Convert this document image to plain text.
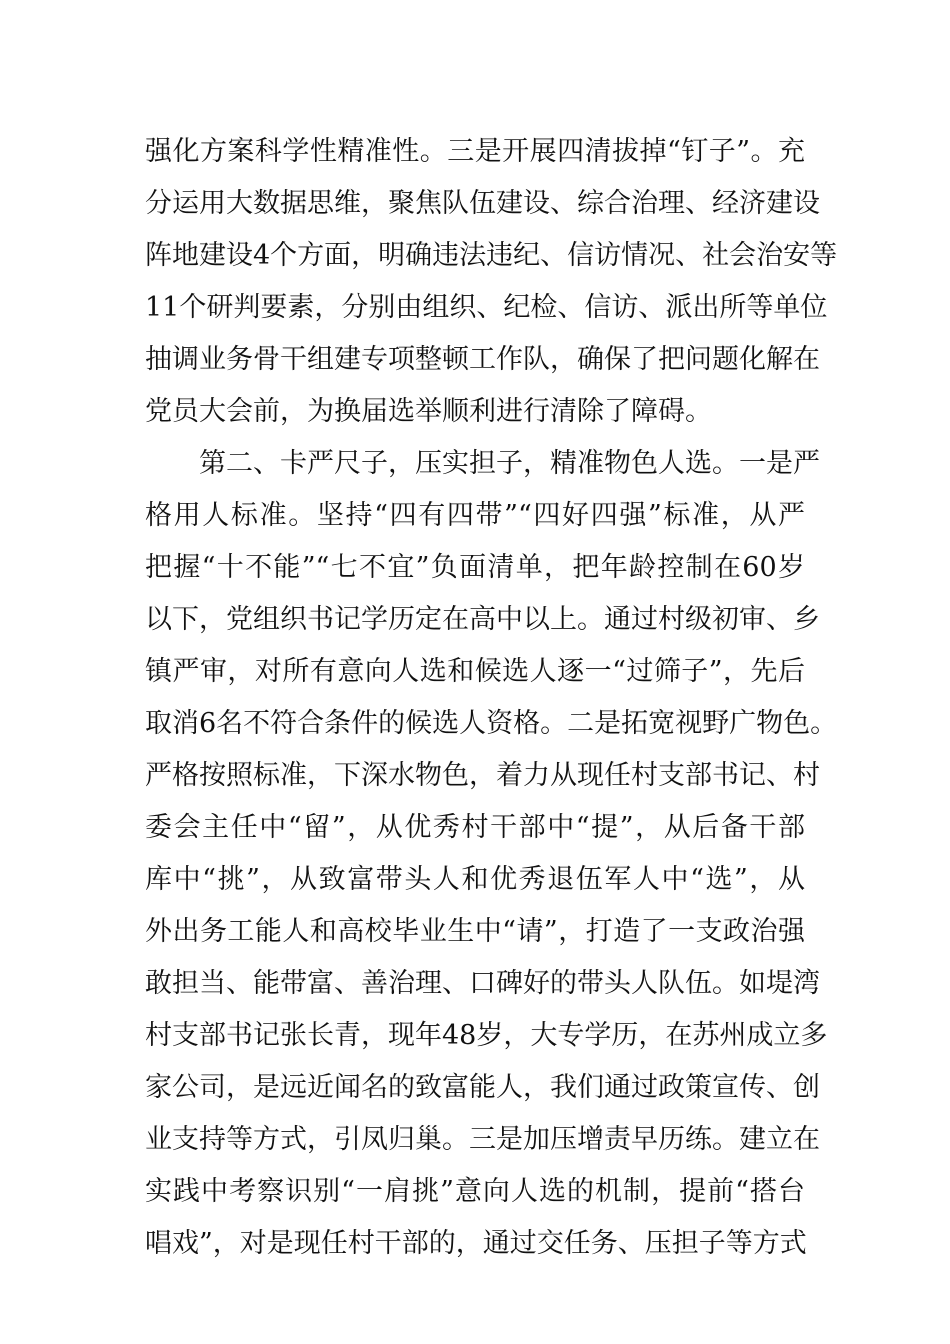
强化方案科学性精准性。三是开展四清拔掉“钉子”。充
分运用大数据思维，聚焦队伍建设、综合治理、经济建设
阵地建设4个方面，明确违法违纪、信访情况、社会治安等
11个研判要素，分别由组织、纪检、信访、派出所等单位
抽调业务骨干组建专项整顿工作队，确保了把问题化解在
党员大会前，为换届选举顺利进行清除了障碍。
第二、卡严尺子，压实担子，精准物色人选。一是严
格用人标准。坚持“四有四带”“四好四强”标准，从严
把握“十不能”“七不宜”负面清单，把年龄控制在60岁
以下，党组织书记学历定在高中以上。通过村级初审、乡
镇严审，对所有意向人选和候选人逐一“过筛子”，先后
取消6名不符合条件的候选人资格。二是拓宽视野广物色。
严格按照标准，下深水物色，着力从现任村支部书记、村
委会主任中“留”，从优秀村干部中“提”，从后备干部
库中“挑”，从致富带头人和优秀退伍军人中“选”，从
外出务工能人和高校毕业生中“请”，打造了一支政治强
敢担当、能带富、善治理、口碑好的带头人队伍。如堤湾
村支部书记张长青，现年48岁，大专学历，在苏州成立多
家公司，是远近闻名的致富能人，我们通过政策宣传、创
业支持等方式，引凤归巢。三是加压增责早历练。建立在
实践中考察识别“一肩挑”意向人选的机制，提前“搭台
唱戏”，对是现任村干部的，通过交任务、压担子等方式
